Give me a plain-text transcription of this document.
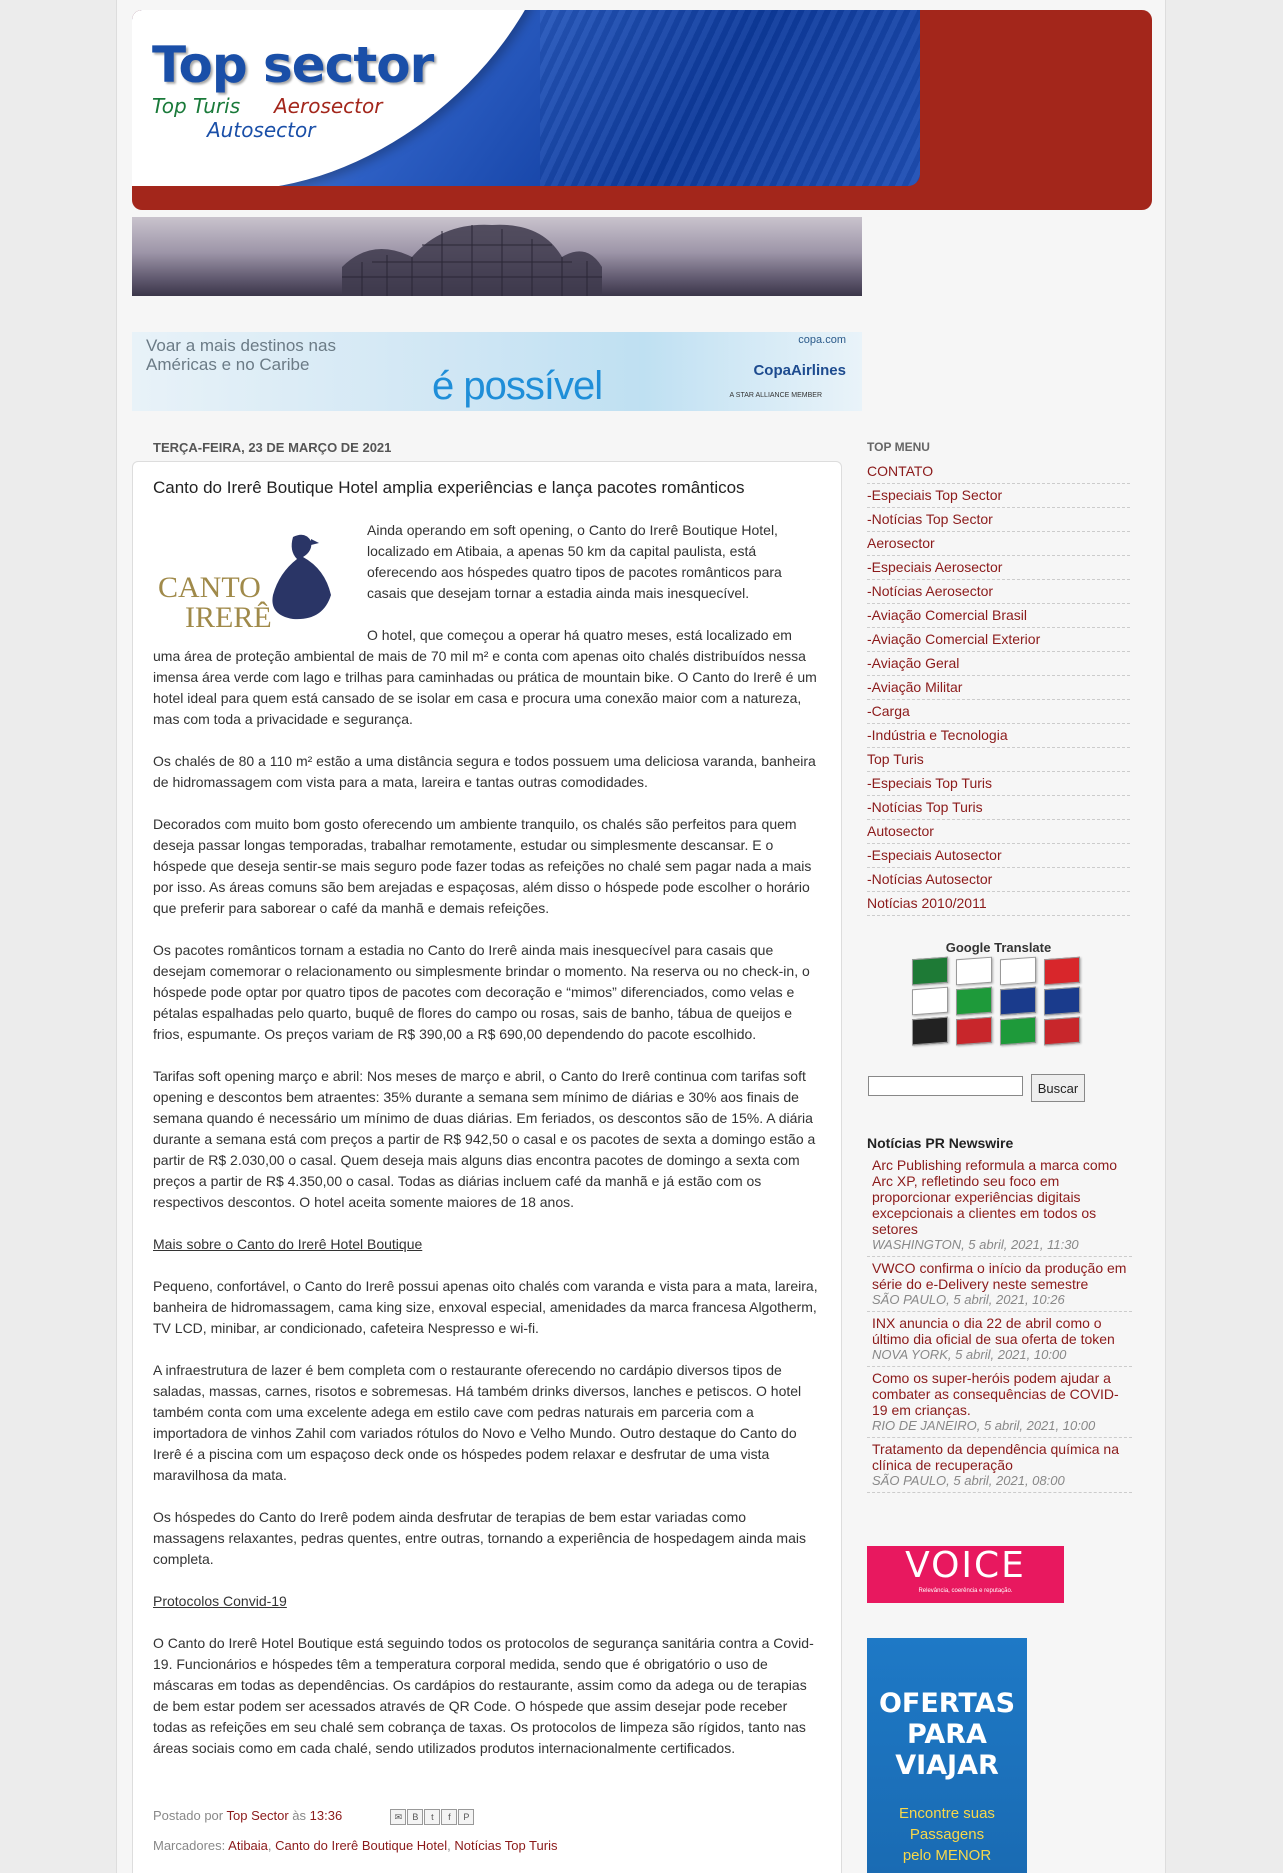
Top sector
Top Turis Aerosector
Autosector
Voar a mais destinos nas
Américas e no Caribe	é possível
copa.com
CopaAirlines
A STAR ALLIANCE MEMBER
TERÇA-FEIRA, 23 DE MARÇO DE 2021
Canto do Irerê Boutique Hotel amplia experiências e lança pacotes românticos
CANTO
IRERÊ

Ainda operando em soft opening, o Canto do Irerê Boutique Hotel, localizado em Atibaia, a apenas 50 km da capital paulista, está oferecendo aos hóspedes quatro tipos de pacotes românticos para casais que desejam tornar a estadia ainda mais inesquecível.

O hotel, que começou a operar há quatro meses, está localizado em uma área de proteção ambiental de mais de 70 mil m² e conta com apenas oito chalés distribuídos nessa imensa área verde com lago e trilhas para caminhadas ou prática de mountain bike. O Canto do Irerê é um hotel ideal para quem está cansado de se isolar em casa e procura uma conexão maior com a natureza, mas com toda a privacidade e segurança.

Os chalés de 80 a 110 m² estão a uma distância segura e todos possuem uma deliciosa varanda, banheira de hidromassagem com vista para a mata, lareira e tantas outras comodidades.

Decorados com muito bom gosto oferecendo um ambiente tranquilo, os chalés são perfeitos para quem deseja passar longas temporadas, trabalhar remotamente, estudar ou simplesmente descansar. E o hóspede que deseja sentir-se mais seguro pode fazer todas as refeições no chalé sem pagar nada a mais por isso. As áreas comuns são bem arejadas e espaçosas, além disso o hóspede pode escolher o horário que preferir para saborear o café da manhã e demais refeições.

Os pacotes românticos tornam a estadia no Canto do Irerê ainda mais inesquecível para casais que desejam comemorar o relacionamento ou simplesmente brindar o momento. Na reserva ou no check-in, o hóspede pode optar por quatro tipos de pacotes com decoração e “mimos” diferenciados, como velas e pétalas espalhadas pelo quarto, buquê de flores do campo ou rosas, sais de banho, tábua de queijos e frios, espumante. Os preços variam de R$ 390,00 a R$ 690,00 dependendo do pacote escolhido.

Tarifas soft opening março e abril: Nos meses de março e abril, o Canto do Irerê continua com tarifas soft opening e descontos bem atraentes: 35% durante a semana sem mínimo de diárias e 30% aos finais de semana quando é necessário um mínimo de duas diárias. Em feriados, os descontos são de 15%. A diária durante a semana está com preços a partir de R$ 942,50 o casal e os pacotes de sexta a domingo estão a partir de R$ 2.030,00 o casal. Quem deseja mais alguns dias encontra pacotes de domingo a sexta com preços a partir de R$ 4.350,00 o casal. Todas as diárias incluem café da manhã e já estão com os respectivos descontos. O hotel aceita somente maiores de 18 anos.

Mais sobre o Canto do Irerê Hotel Boutique

Pequeno, confortável, o Canto do Irerê possui apenas oito chalés com varanda e vista para a mata, lareira, banheira de hidromassagem, cama king size, enxoval especial, amenidades da marca francesa Algotherm, TV LCD, minibar, ar condicionado, cafeteira Nespresso e wi-fi.

A infraestrutura de lazer é bem completa com o restaurante oferecendo no cardápio diversos tipos de saladas, massas, carnes, risotos e sobremesas. Há também drinks diversos, lanches e petiscos. O hotel também conta com uma excelente adega em estilo cave com pedras naturais em parceria com a importadora de vinhos Zahil com variados rótulos do Novo e Velho Mundo. Outro destaque do Canto do Irerê é a piscina com um espaçoso deck onde os hóspedes podem relaxar e desfrutar de uma vista maravilhosa da mata.

Os hóspedes do Canto do Irerê podem ainda desfrutar de terapias de bem estar variadas como massagens relaxantes, pedras quentes, entre outras, tornando a experiência de hospedagem ainda mais completa.

Protocolos Convid-19

O Canto do Irerê Hotel Boutique está seguindo todos os protocolos de segurança sanitária contra a Covid-19. Funcionários e hóspedes têm a temperatura corporal medida, sendo que é obrigatório o uso de máscaras em todas as dependências. Os cardápios do restaurante, assim como da adega ou de terapias de bem estar podem ser acessados através de QR Code. O hóspede que assim desejar pode receber todas as refeições em seu chalé sem cobrança de taxas. Os protocolos de limpeza são rígidos, tanto nas áreas sociais como em cada chalé, sendo utilizados produtos internacionalmente certificados.

Postado por Top Sector às 13:36	✉ B t f P
Marcadores: Atibaia, Canto do Irerê Boutique Hotel, Notícias Top Turis
TOP MENU
CONTATO
-Especiais Top Sector
-Notícias Top Sector
Aerosector
-Especiais Aerosector
-Notícias Aerosector
-Aviação Comercial Brasil
-Aviação Comercial Exterior
-Aviação Geral
-Aviação Militar
-Carga
-Indústria e Tecnologia
Top Turis
-Especiais Top Turis
-Notícias Top Turis
Autosector
-Especiais Autosector
-Notícias Autosector
Notícias 2010/2011
Google Translate
Buscar
Notícias PR Newswire
Arc Publishing reformula a marca como Arc XP, refletindo seu foco em proporcionar experiências digitais excepcionais a clientes em todos os setores
WASHINGTON, 5 abril, 2021, 11:30
VWCO confirma o início da produção em série do e-Delivery neste semestre
SÃO PAULO, 5 abril, 2021, 10:26
INX anuncia o dia 22 de abril como o último dia oficial de sua oferta de token
NOVA YORK, 5 abril, 2021, 10:00
Como os super-heróis podem ajudar a combater as consequências de COVID-19 em crianças.
RIO DE JANEIRO, 5 abril, 2021, 10:00
Tratamento da dependência química na clínica de recuperação
SÃO PAULO, 5 abril, 2021, 08:00
VOICE
Relevância, coerência e reputação.
OFERTAS PARA VIAJAR
Encontre suas
Passagens
pelo MENOR
